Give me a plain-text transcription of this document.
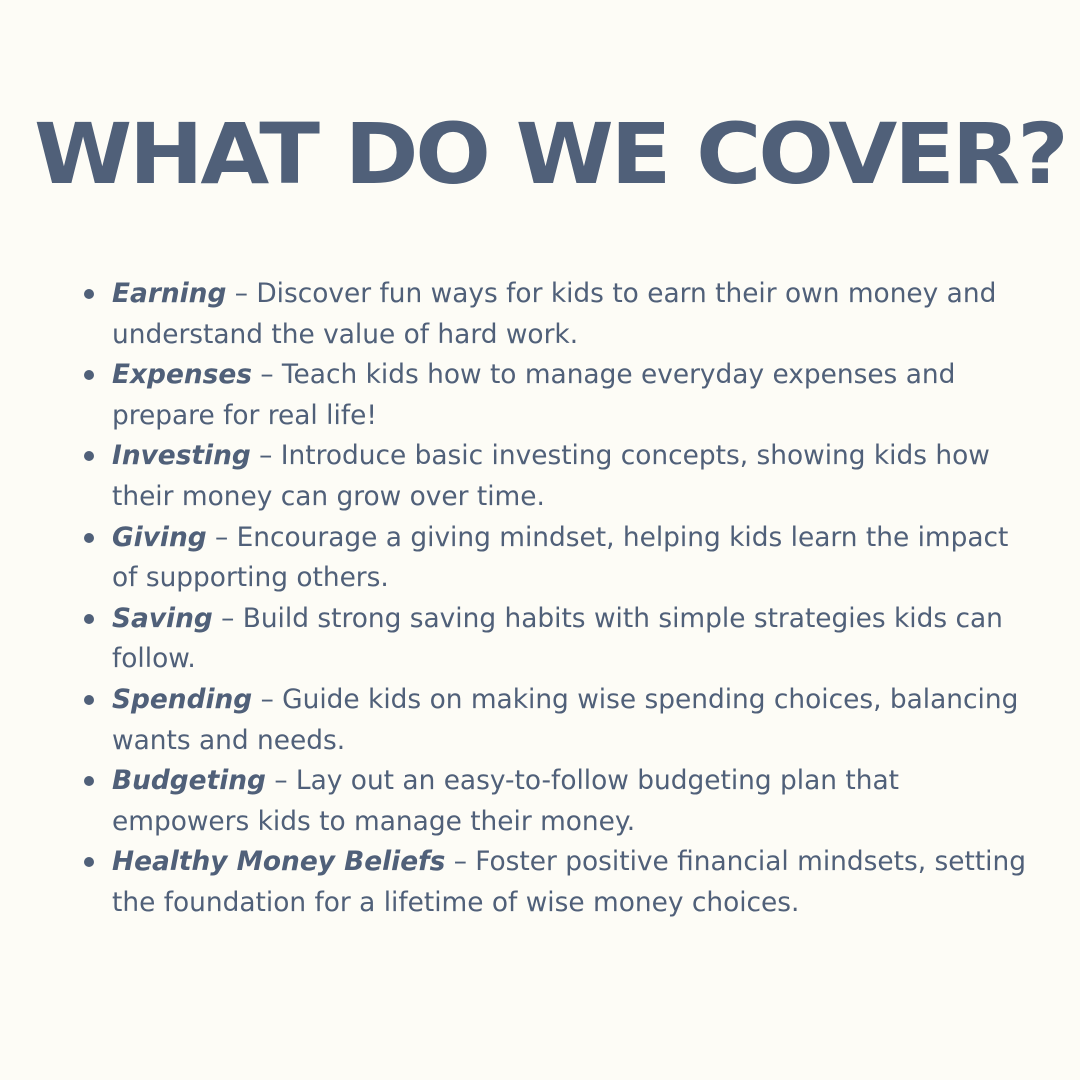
WHAT DO WE COVER?
Earning – Discover fun ways for kids to earn their own money and understand the value of hard work.
Expenses – Teach kids how to manage everyday expenses and prepare for real life!
Investing – Introduce basic investing concepts, showing kids how their money can grow over time.
Giving – Encourage a giving mindset, helping kids learn the impact of supporting others.
Saving – Build strong saving habits with simple strategies kids can follow.
Spending – Guide kids on making wise spending choices, balancing wants and needs.
Budgeting – Lay out an easy-to-follow budgeting plan that empowers kids to manage their money.
Healthy Money Beliefs – Foster positive financial mindsets, setting the foundation for a lifetime of wise money choices.
